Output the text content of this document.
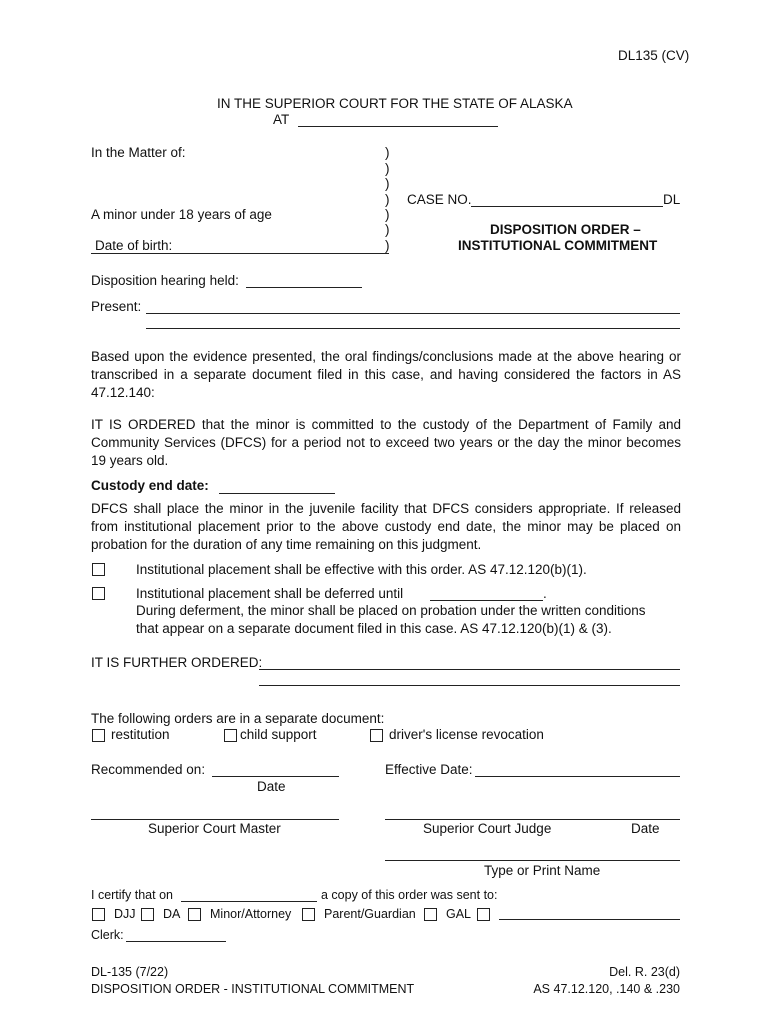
DL135 (CV)
IN THE SUPERIOR COURT FOR THE STATE OF ALASKA
AT
In the Matter of:	)
)
)
)
)
)
)
CASE NO.	DL
A minor under 18 years of age
Date of birth:
DISPOSITION ORDER –
INSTITUTIONAL COMMITMENT
Disposition hearing held:
Present:
Based upon the evidence presented, the oral findings/conclusions made at the above hearing or transcribed in a separate document filed in this case, and having considered the factors in AS 47.12.140:
IT IS ORDERED that the minor is committed to the custody of the Department of Family and Community Services (DFCS) for a period not to exceed two years or the day the minor becomes 19 years old.
Custody end date:
DFCS shall place the minor in the juvenile facility that DFCS considers appropriate. If released from institutional placement prior to the above custody end date, the minor may be placed on probation for the duration of any time remaining on this judgment.
Institutional placement shall be effective with this order. AS 47.12.120(b)(1).
Institutional placement shall be deferred until	.
During deferment, the minor shall be placed on probation under the written conditions
that appear on a separate document filed in this case. AS 47.12.120(b)(1) & (3).
IT IS FURTHER ORDERED:
The following orders are in a separate document:
restitution	child support	driver's license revocation
Recommended on:
Date
Effective Date:
Superior Court Master	Superior Court Judge	Date
Type or Print Name
I certify that on	a copy of this order was sent to:
DJJ DA Minor/Attorney	Parent/Guardian GAL
Clerk:
DL-135 (7/22)
DISPOSITION ORDER - INSTITUTIONAL COMMITMENT
Del. R. 23(d)
AS 47.12.120, .140 & .230
